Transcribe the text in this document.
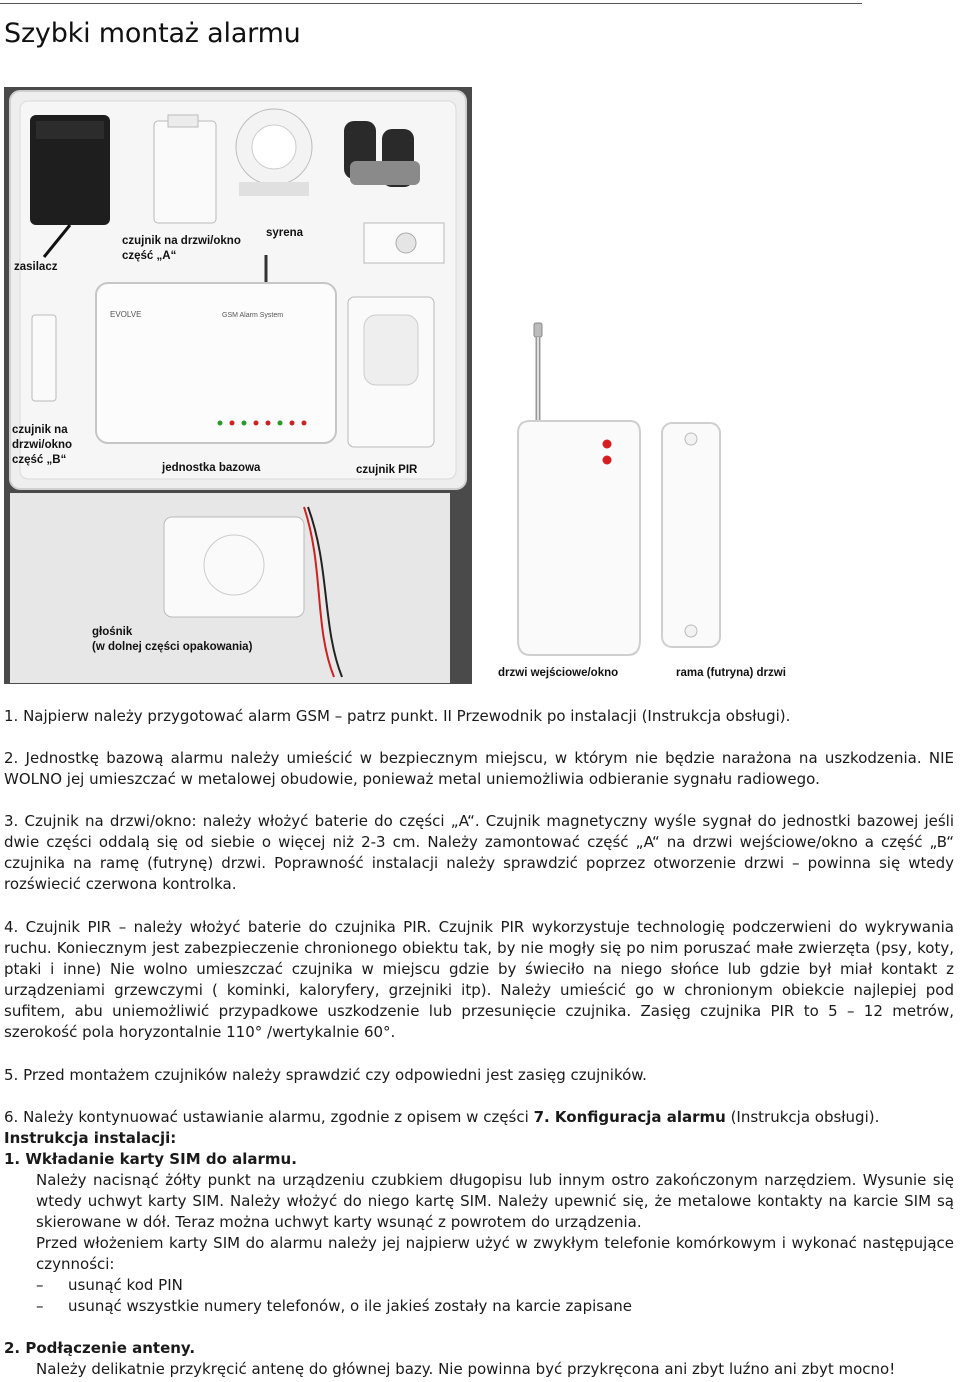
Szybki montaż alarmu
EVOLVE	GSM Alarm System
zasilacz
czujnik na drzwi/okno
część „A“
syrena
czujnik na
drzwi/okno
część „B“
jednostka bazowa	czujnik PIR
głośnik
(w dolnej części opakowania)
drzwi wejściowe/okno	rama (futryna) drzwi

1. Najpierw należy przygotować alarm GSM – patrz punkt. II Przewodnik po instalacji (Instrukcja obsługi).

2. Jednostkę bazową alarmu należy umieścić w bezpiecznym miejscu, w którym nie będzie narażona na uszkodzenia. NIE WOLNO jej umieszczać w metalowej obudowie, ponieważ metal uniemożliwia odbieranie sygnału radiowego.

3. Czujnik na drzwi/okno: należy włożyć baterie do części „A“. Czujnik magnetyczny wyśle sygnał do jednostki bazowej jeśli dwie części oddalą się od siebie o więcej niż 2-3 cm. Należy zamontować część „A“ na drzwi wejściowe/okno a część „B“ czujnika na ramę (futrynę) drzwi. Poprawność instalacji należy sprawdzić poprzez otworzenie drzwi – powinna się wtedy rozświecić czerwona kontrolka.

4. Czujnik PIR – należy włożyć baterie do czujnika PIR. Czujnik PIR wykorzystuje technologię podczerwieni do wykrywania ruchu. Koniecznym jest zabezpieczenie chronionego obiektu tak, by nie mogły się po nim poruszać małe zwierzęta (psy, koty, ptaki i inne) Nie wolno umieszczać czujnika w miejscu gdzie by świeciło na niego słońce lub gdzie był miał kontakt z urządzeniami grzewczymi ( kominki, kaloryfery, grzejniki itp). Należy umieścić go w chronionym obiekcie najlepiej pod sufitem, abu uniemożliwić przypadkowe uszkodzenie lub przesunięcie czujnika. Zasięg czujnika PIR to 5 – 12 metrów, szerokość pola horyzontalnie 110° /wertykalnie 60°.

5. Przed montażem czujników należy sprawdzić czy odpowiedni jest zasięg czujników.

6. Należy kontynuować ustawianie alarmu, zgodnie z opisem w części 7. Konfiguracja alarmu (Instrukcja obsługi).

Instrukcja instalacji:

1. Wkładanie karty SIM do alarmu.

Należy nacisnąć żółty punkt na urządzeniu czubkiem długopisu lub innym ostro zakończonym narzędziem. Wysunie się wtedy uchwyt karty SIM. Należy włożyć do niego kartę SIM. Należy upewnić się, że metalowe kontakty na karcie SIM są skierowane w dół. Teraz można uchwyt karty wsunąć z powrotem do urządzenia.

Przed włożeniem karty SIM do alarmu należy jej najpierw użyć w zwykłym telefonie komórkowym i wykonać następujące czynności:

–	usunąć kod PIN
–	usunąć wszystkie numery telefonów, o ile jakieś zostały na karcie zapisane

2. Podłączenie anteny.

Należy delikatnie przykręcić antenę do głównej bazy. Nie powinna być przykręcona ani zbyt luźno ani zbyt mocno!
